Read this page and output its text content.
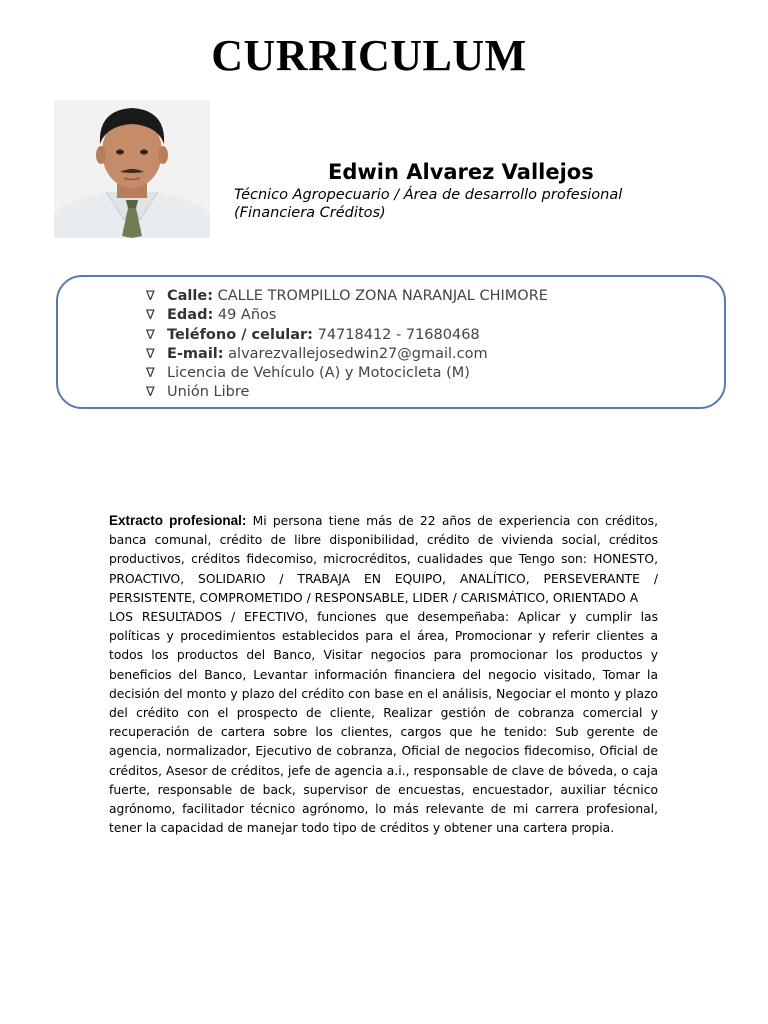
CURRICULUM
Edwin Alvarez Vallejos
Técnico Agropecuario / Área de desarrollo profesional
(Financiera Créditos)
∇ Calle: CALLE TROMPILLO ZONA NARANJAL CHIMORE
∇ Edad: 49 Años
∇ Teléfono / celular: 74718412 - 71680468
∇ E-mail: alvarezvallejosedwin27@gmail.com
∇ Licencia de Vehículo (A) y Motocicleta (M)
∇ Unión Libre

Extracto profesional: Mi persona tiene más de 22 años de experiencia con créditos, banca comunal, crédito de libre disponibilidad, crédito de vivienda social, créditos productivos, créditos fidecomiso, microcréditos, cualidades que Tengo son: HONESTO, PROACTIVO, SOLIDARIO / TRABAJA EN EQUIPO, ANALÍTICO, PERSEVERANTE / PERSISTENTE, COMPROMETIDO / RESPONSABLE, LIDER / CARISMÁTICO, ORIENTADO A

LOS RESULTADOS / EFECTIVO, funciones que desempeñaba: Aplicar y cumplir las políticas y procedimientos establecidos para el área, Promocionar y referir clientes a todos los productos del Banco, Visitar negocios para promocionar los productos y beneficios del Banco, Levantar información financiera del negocio visitado, Tomar la decisión del monto y plazo del crédito con base en el análisis, Negociar el monto y plazo del crédito con el prospecto de cliente, Realizar gestión de cobranza comercial y recuperación de cartera sobre los clientes, cargos que he tenido: Sub gerente de agencia, normalizador, Ejecutivo de cobranza, Oficial de negocios fidecomiso, Oficial de créditos, Asesor de créditos, jefe de agencia a.i., responsable de clave de bóveda, o caja fuerte, responsable de back, supervisor de encuestas, encuestador, auxiliar técnico agrónomo, facilitador técnico agrónomo, lo más relevante de mi carrera profesional, tener la capacidad de manejar todo tipo de créditos y obtener una cartera propia.
